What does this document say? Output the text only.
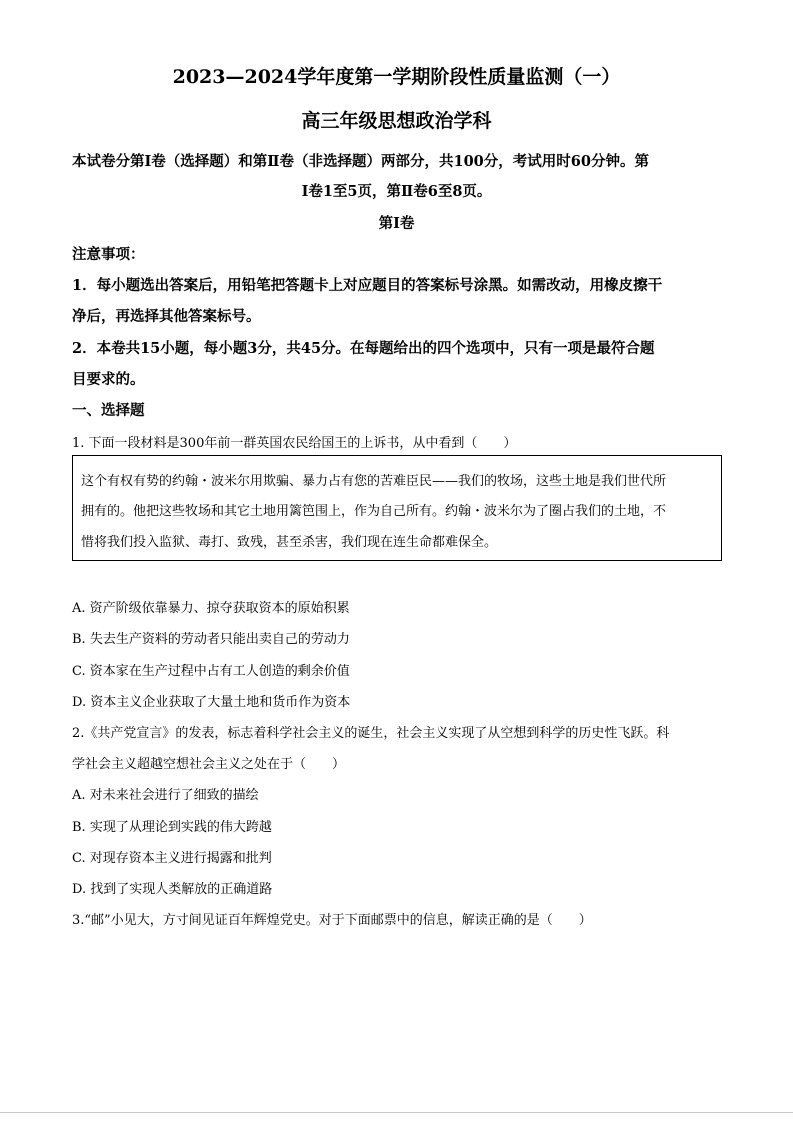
2023—2024学年度第一学期阶段性质量监测（一）
高三年级思想政治学科
本试卷分第Ⅰ卷（选择题）和第Ⅱ卷（非选择题）两部分，共100分，考试用时60分钟。第
Ⅰ卷1至5页，第Ⅱ卷6至8页。
第Ⅰ卷
注意事项：
1．每小题选出答案后，用铅笔把答题卡上对应题目的答案标号涂黑。如需改动，用橡皮擦干
净后，再选择其他答案标号。
2．本卷共15小题，每小题3分，共45分。在每题给出的四个选项中，只有一项是最符合题
目要求的。
一、选择题
1. 下面一段材料是300年前一群英国农民给国王的上诉书，从中看到（　　）
这个有权有势的约翰・波米尔用欺骗、暴力占有您的苦难臣民——我们的牧场，这些土地是我们世代所
拥有的。他把这些牧场和其它土地用篱笆围上，作为自己所有。约翰・波米尔为了圈占我们的土地，不
惜将我们投入监狱、毒打、致残，甚至杀害，我们现在连生命都难保全。
A. 资产阶级依靠暴力、掠夺获取资本的原始积累
B. 失去生产资料的劳动者只能出卖自己的劳动力
C. 资本家在生产过程中占有工人创造的剩余价值
D. 资本主义企业获取了大量土地和货币作为资本
2.《共产党宣言》的发表，标志着科学社会主义的诞生，社会主义实现了从空想到科学的历史性飞跃。科
学社会主义超越空想社会主义之处在于（　　）
A. 对未来社会进行了细致的描绘
B. 实现了从理论到实践的伟大跨越
C. 对现存资本主义进行揭露和批判
D. 找到了实现人类解放的正确道路
3.“邮”小见大，方寸间见证百年辉煌党史。对于下面邮票中的信息，解读正确的是（　　）
